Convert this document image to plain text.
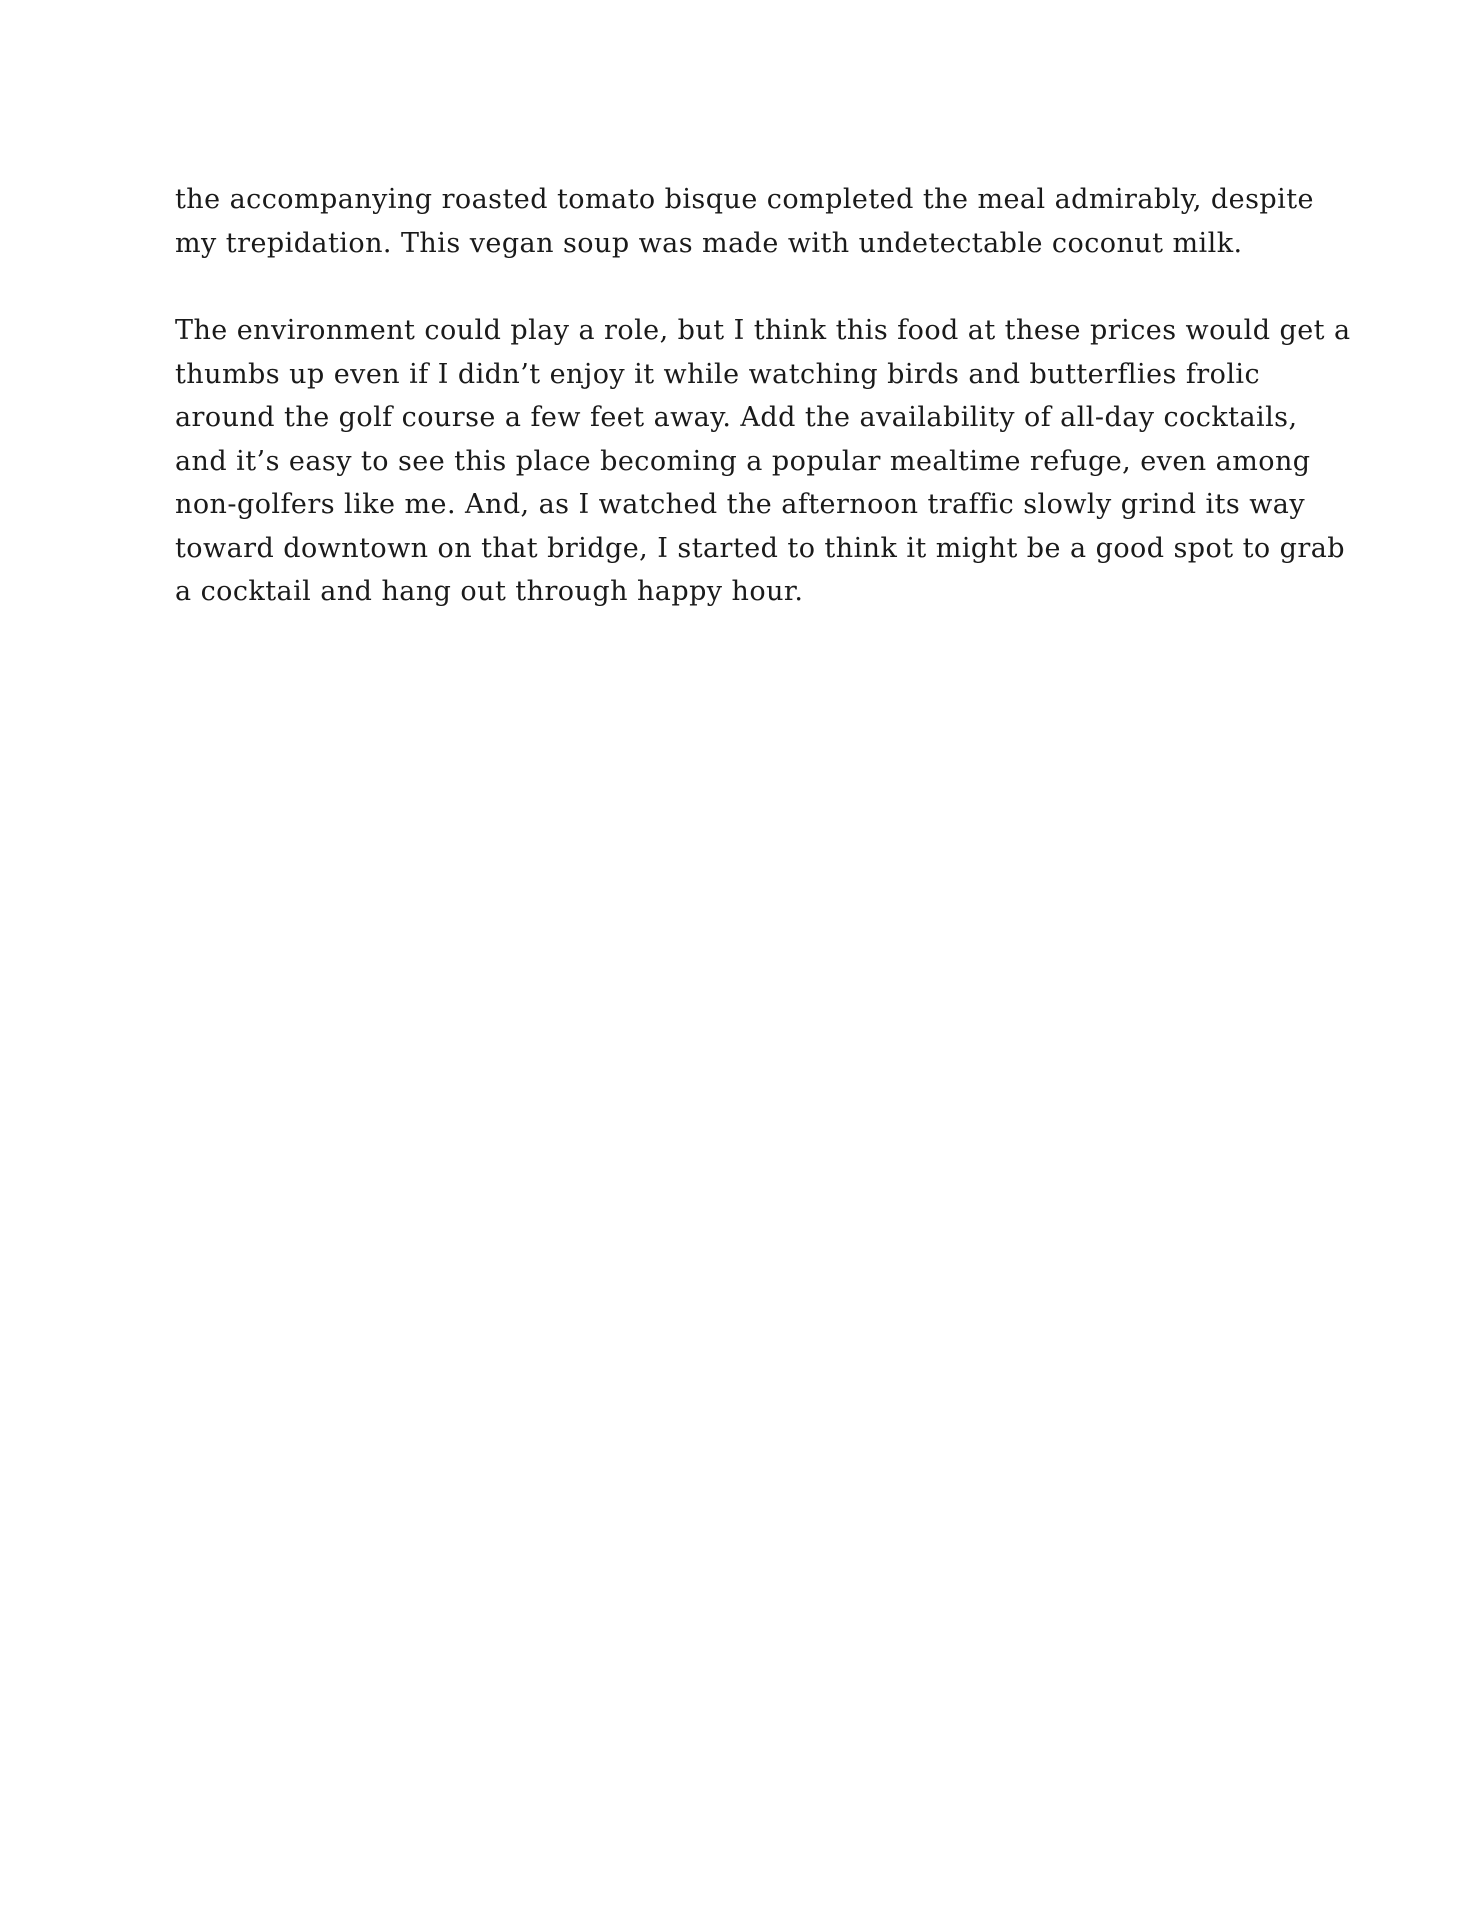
the accompanying roasted tomato bisque completed the meal admirably, despite
my trepidation. This vegan soup was made with undetectable coconut milk.

The environment could play a role, but I think this food at these prices would get a
thumbs up even if I didn’t enjoy it while watching birds and butterflies frolic
around the golf course a few feet away. Add the availability of all-day cocktails,
and it’s easy to see this place becoming a popular mealtime refuge, even among
non-golfers like me. And, as I watched the afternoon traffic slowly grind its way
toward downtown on that bridge, I started to think it might be a good spot to grab
a cocktail and hang out through happy hour.
